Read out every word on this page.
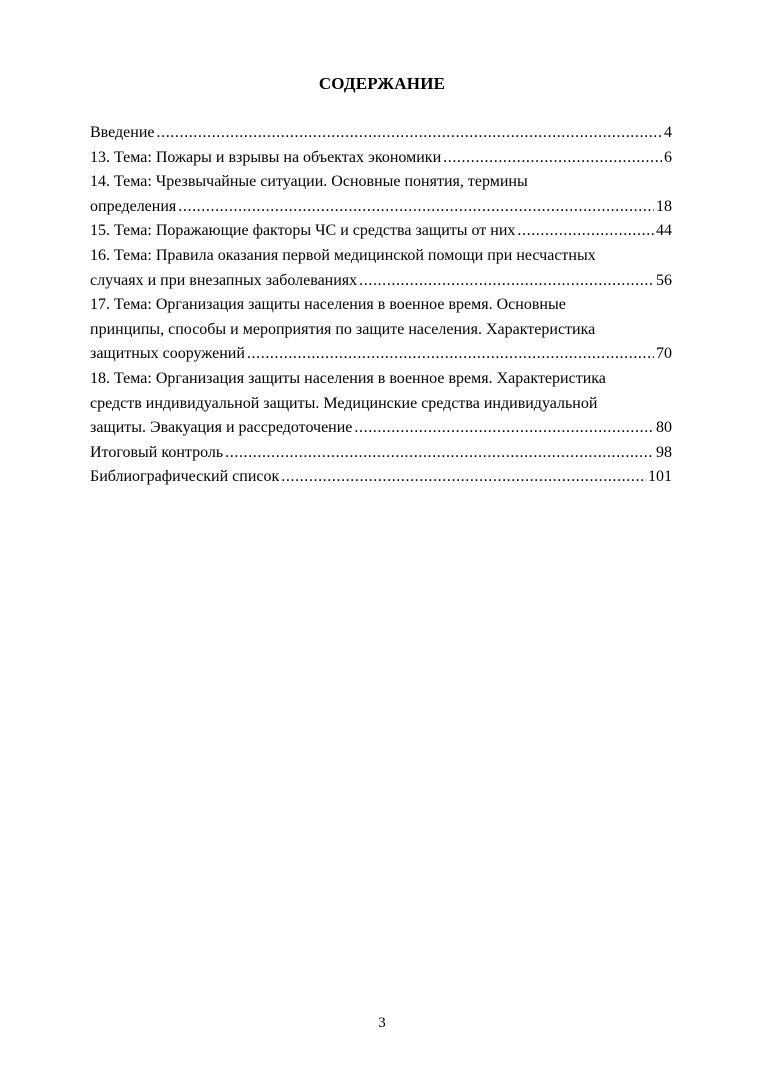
СОДЕРЖАНИЕ
Введение .....	4
13. Тема: Пожары и взрывы на объектах экономики .....	6
14. Тема: Чрезвычайные ситуации. Основные понятия, термины
определения .....	18
15. Тема: Поражающие факторы ЧС и средства защиты от них .....	44
16. Тема: Правила оказания первой медицинской помощи при несчастных
случаях и при внезапных заболеваниях .....	56
17. Тема: Организация защиты населения в военное время. Основные
принципы, способы и мероприятия по защите населения. Характеристика
защитных сооружений .....	70
18. Тема: Организация защиты населения в военное время. Характеристика
средств индивидуальной защиты. Медицинские средства индивидуальной
защиты. Эвакуация и рассредоточение .....	80
Итоговый контроль .....	98
Библиографический список .....	101
3
